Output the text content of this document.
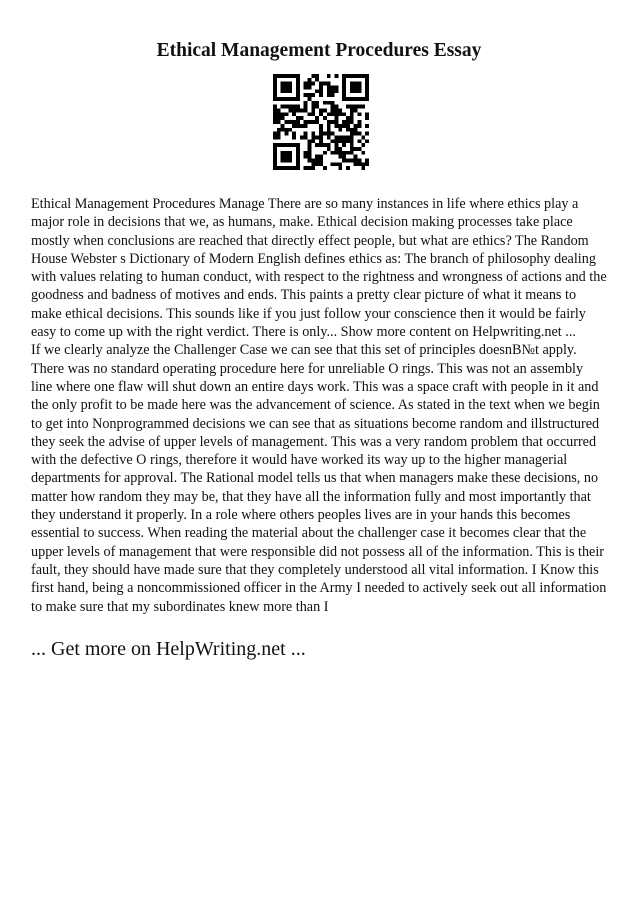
Ethical Management Procedures Essay

Ethical Management Procedures Manage There are so many instances in life where ethics play a major role in decisions that we, as humans, make. Ethical decision making processes take place mostly when conclusions are reached that directly effect people, but what are ethics? The Random House Webster s Dictionary of Modern English defines ethics as: The branch of philosophy dealing with values relating to human conduct, with respect to the rightness and wrongness of actions and the goodness and badness of motives and ends. This paints a pretty clear picture of what it means to make ethical decisions. This sounds like if you just follow your conscience then it would be fairly easy to come up with the right verdict. There is only... Show more content on Helpwriting.net ...

If we clearly analyze the Challenger Case we can see that this set of principles doesnВ№t apply. There was no standard operating procedure here for unreliable O rings. This was not an assembly line where one flaw will shut down an entire days work. This was a space craft with people in it and the only profit to be made here was the advancement of science. As stated in the text when we begin to get into Nonprogrammed decisions we can see that as situations become random and illstructured they seek the advise of upper levels of management. This was a very random problem that occurred with the defective O rings, therefore it would have worked its way up to the higher managerial departments for approval. The Rational model tells us that when managers make these decisions, no matter how random they may be, that they have all the information fully and most importantly that they understand it properly. In a role where others peoples lives are in your hands this becomes essential to success. When reading the material about the challenger case it becomes clear that the upper levels of management that were responsible did not possess all of the information. This is their fault, they should have made sure that they completely understood all vital information. I Know this first hand, being a noncommissioned officer in the Army I needed to actively seek out all information to make sure that my subordinates knew more than I

... Get more on HelpWriting.net ...
